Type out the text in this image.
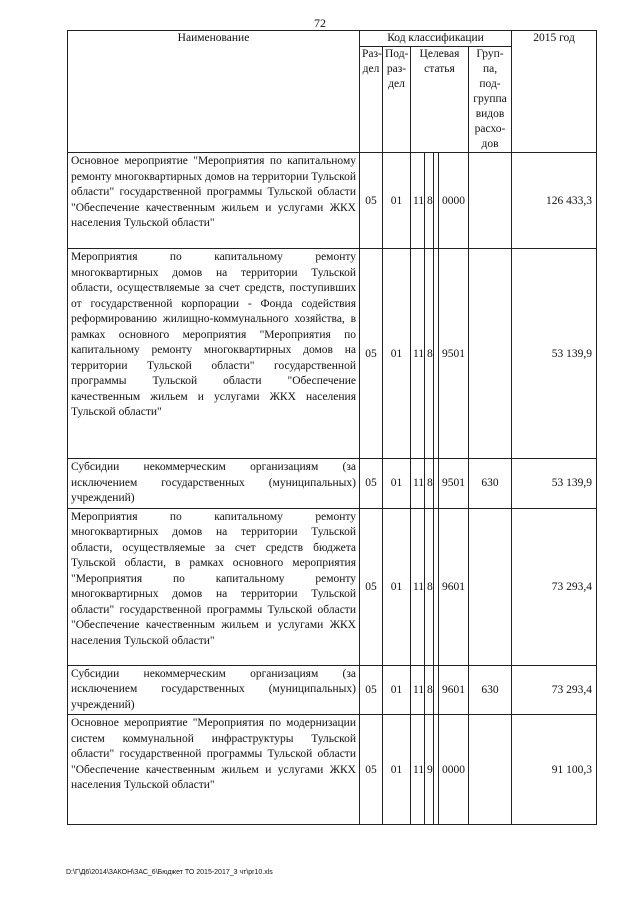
72
Наименование	Код классификации							2015 год
	Раз-дел	Под-раз-дел	Целевая статья				Груп-па, под-группа видов расхо-дов	
Основное мероприятие "Мероприятия по капитальному ремонту многоквартирных домов на территории Тульской области" государственной программы Тульской области "Обеспечение качественным жильем и услугами ЖКХ населения Тульской области"	05	01	11	8		0000		126 433,3
Мероприятия по капитальному ремонту многоквартирных домов на территории Тульской области, осуществляемые за счет средств, поступивших от государственной корпорации - Фонда содействия реформированию жилищно-коммунального хозяйства, в рамках основного мероприятия "Мероприятия по капитальному ремонту многоквартирных домов на территории Тульской области" государственной программы Тульской области "Обеспечение качественным жильем и услугами ЖКХ населения Тульской области"	05	01	11	8		9501		53 139,9
Субсидии некоммерческим организациям (за исключением государственных (муниципальных) учреждений)	05	01	11	8		9501	630	53 139,9
Мероприятия по капитальному ремонту многоквартирных домов на территории Тульской области, осуществляемые за счет средств бюджета Тульской области, в рамках основного мероприятия "Мероприятия по капитальному ремонту многоквартирных домов на территории Тульской области" государственной программы Тульской области "Обеспечение качественным жильем и услугами ЖКХ населения Тульской области"	05	01	11	8		9601		73 293,4
Субсидии некоммерческим организациям (за исключением государственных (муниципальных) учреждений)	05	01	11	8		9601	630	73 293,4
Основное мероприятие "Мероприятия по модернизации систем коммунальной инфраструктуры Тульской области" государственной программы Тульской области "Обеспечение качественным жильем и услугами ЖКХ населения Тульской области"	05	01	11	9		0000		91 100,3
D:\Г\Д6\2014\ЗАКОН\ЗАС_6\Бюджет ТО 2015-2017_3 чт\pr10.xls
